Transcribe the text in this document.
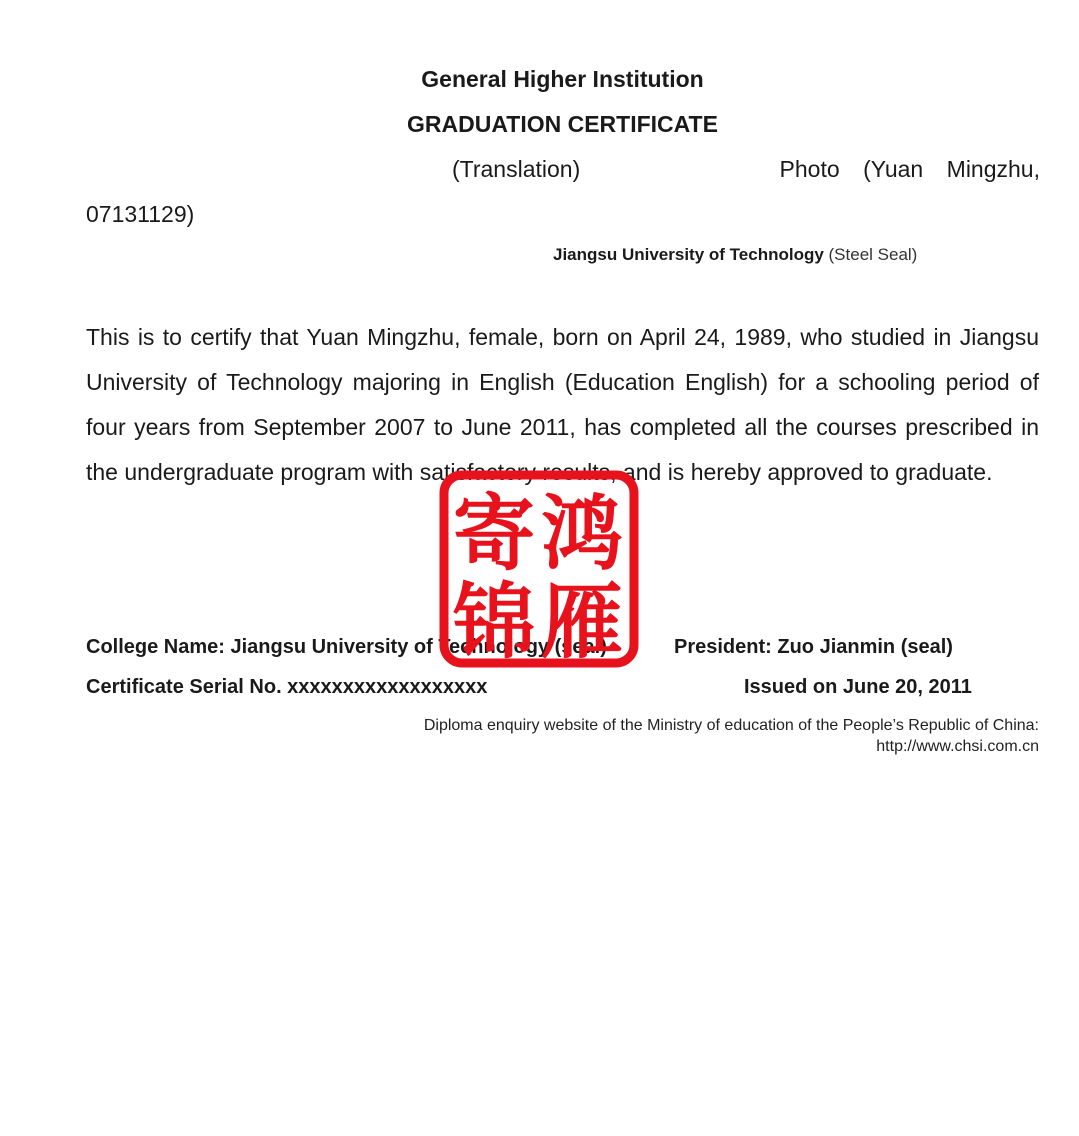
General Higher Institution
GRADUATION CERTIFICATE
(Translation)                 Photo  (Yuan  Mingzhu,
07131129)
Jiangsu University of Technology (Steel Seal)
This is to certify that Yuan Mingzhu, female, born on April 24, 1989, who studied in Jiangsu University of Technology majoring in English (Education English) for a schooling period of four years from September 2007 to June 2011, has completed all the courses prescribed in the undergraduate program with satisfactory results, and is hereby approved to graduate.
College Name: Jiangsu University of Technology (seal)	President: Zuo Jianmin (seal)
Certificate Serial No. xxxxxxxxxxxxxxxxxx	Issued on June 20, 2011
Diploma enquiry website of the Ministry of education of the People’s Republic of China:
http://www.chsi.com.cn
寄 鸿
锦 雁
